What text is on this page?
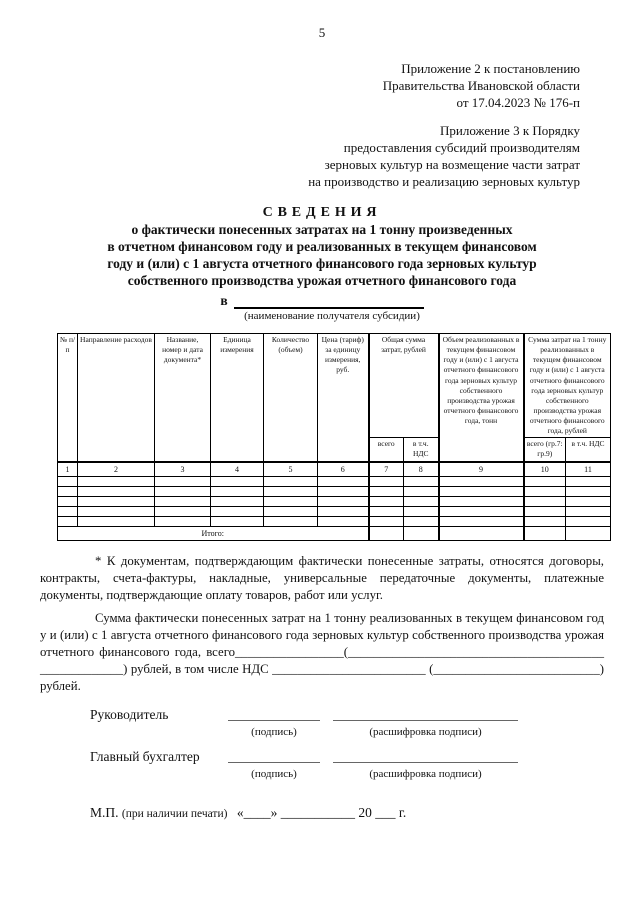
5
Приложение 2 к постановлению
Правительства Ивановской области
от 17.04.2023 № 176-п
Приложение 3 к Порядку
предоставления субсидий производителям
зерновых культур на возмещение части затрат
на производство и реализацию зерновых культур
СВЕДЕНИЯ
о фактически понесенных затратах на 1 тонну произведенных
в отчетном финансовом году и реализованных в текущем финансовом
году и (или) с 1 августа отчетного финансового года зерновых культур
собственного производства урожая отчетного финансового года
в
(наименование получателя субсидии)
№ п/п	Направление расходов	Название, номер и дата документа*	Единица измерения	Количество (объем)	Цена (тариф) за единицу измерения, руб.	Общая сумма затрат, рублей		Объем реализованных в текущем финансовом году и (или) с 1 августа отчетного финансового года зерновых культур собственного производства урожая отчетного финансового года, тонн	Сумма затрат на 1 тонну реализованных в текущем финансовом году и (или) с 1 августа отчетного финансового года зерновых культур собственного производства урожая отчетного финансового года, рублей	
						всего	в т.ч. НДС		всего (гр.7: гр.9)	в т.ч. НДС
1	2	3	4	5	6	7	8	9	10	11

Итого:										

* К документам, подтверждающим фактически понесенные затраты, относятся договоры, контракты, счета-фактуры, накладные, универсальные передаточные документы, платежные документы, подтверждающие оплату товаров, работ или услуг.

Сумма фактически понесенных затрат на 1 тонну реализованных в текущем финансовом году и (или) с 1 августа отчетного финансового года зерновых культур собственного производства урожая отчетного финансового года, всего_________________(_____________________________________________________) рублей, в том числе НДС ________________________ (__________________________) рублей.

Руководитель
(подпись)	(расшифровка подписи)
Главный бухгалтер
(подпись)	(расшифровка подписи)
М.П. (при наличии печати) «____» ___________ 20 ___ г.
